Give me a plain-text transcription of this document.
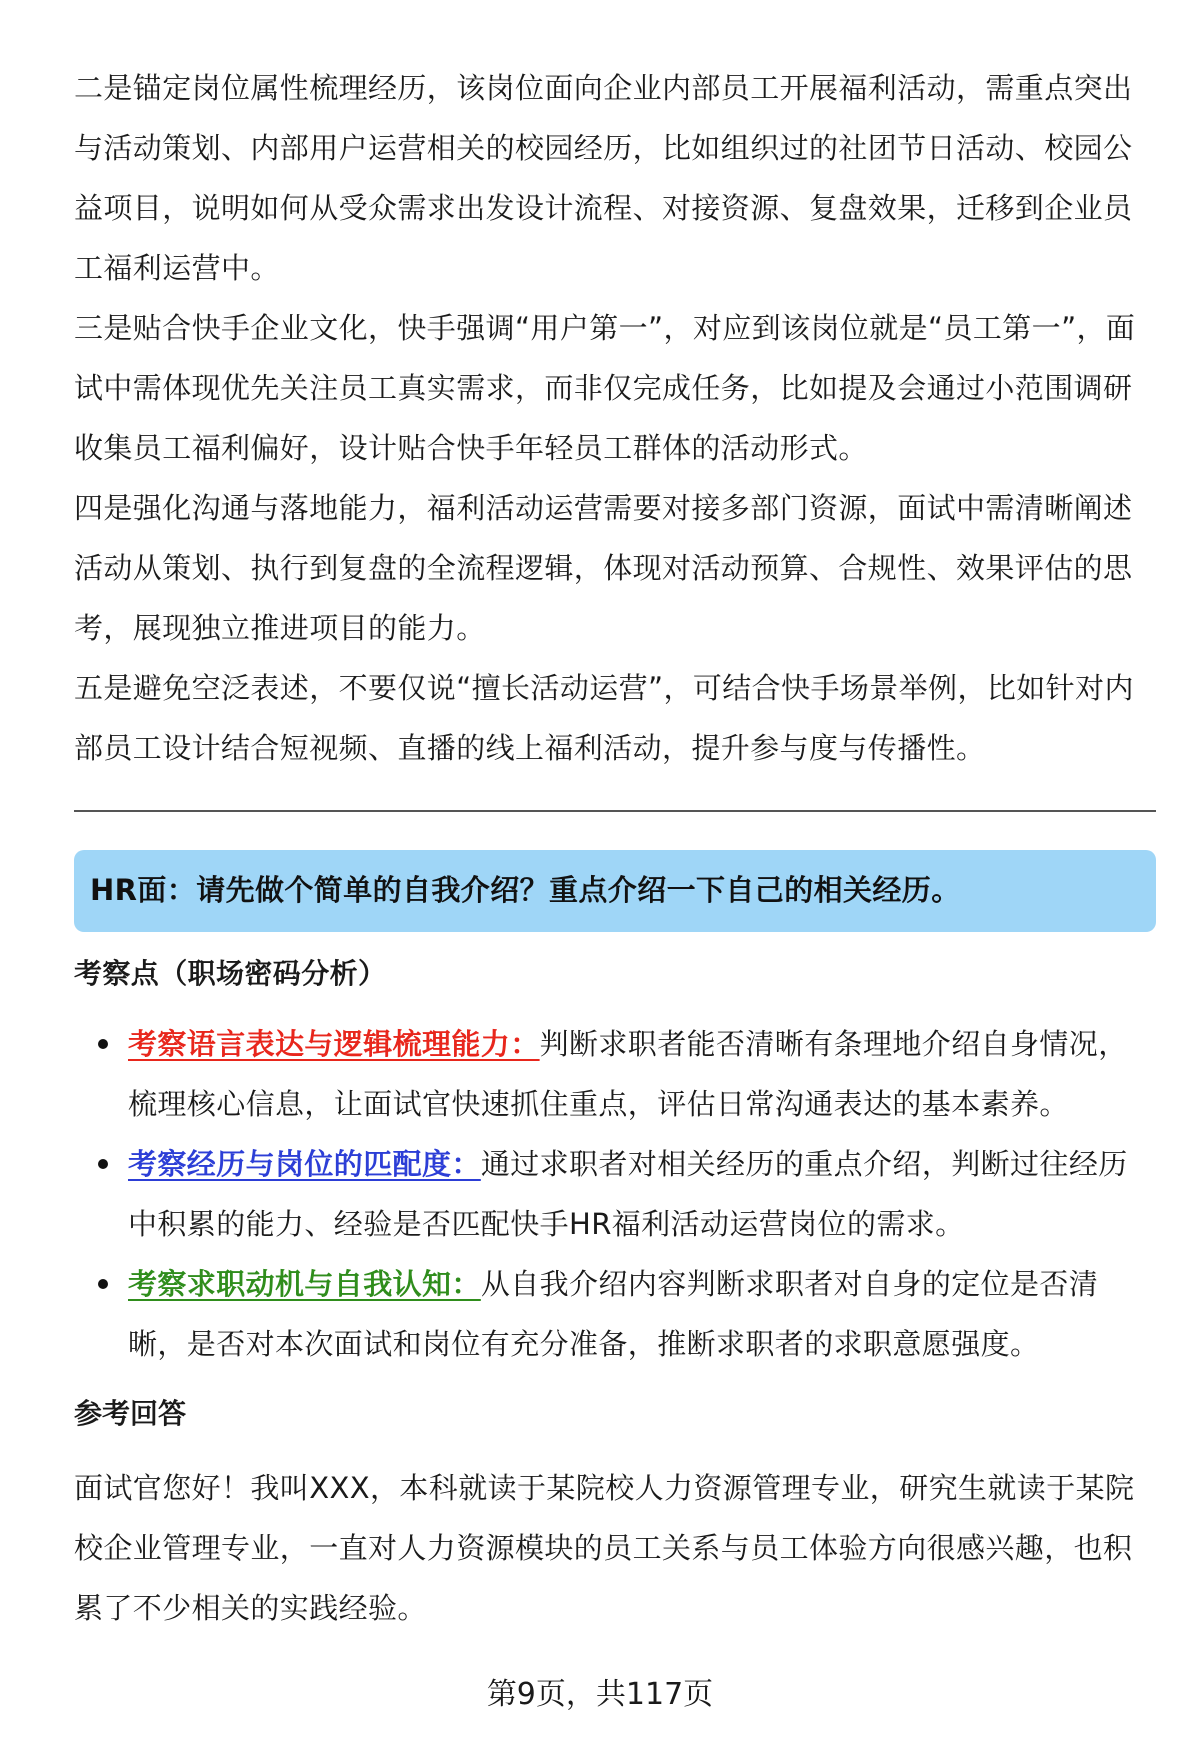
二是锚定岗位属性梳理经历，该岗位面向企业内部员工开展福利活动，需重点突出与活动策划、内部用户运营相关的校园经历，比如组织过的社团节日活动、校园公益项目，说明如何从受众需求出发设计流程、对接资源、复盘效果，迁移到企业员工福利运营中。

三是贴合快手企业文化，快手强调“用户第一”，对应到该岗位就是“员工第一”，面试中需体现优先关注员工真实需求，而非仅完成任务，比如提及会通过小范围调研收集员工福利偏好，设计贴合快手年轻员工群体的活动形式。

四是强化沟通与落地能力，福利活动运营需要对接多部门资源，面试中需清晰阐述活动从策划、执行到复盘的全流程逻辑，体现对活动预算、合规性、效果评估的思考，展现独立推进项目的能力。

五是避免空泛表述，不要仅说“擅长活动运营”，可结合快手场景举例，比如针对内部员工设计结合短视频、直播的线上福利活动，提升参与度与传播性。

HR面：请先做个简单的自我介绍？重点介绍一下自己的相关经历。
考察点（职场密码分析）
考察语言表达与逻辑梳理能力：判断求职者能否清晰有条理地介绍自身情况，梳理核心信息，让面试官快速抓住重点，评估日常沟通表达的基本素养。
考察经历与岗位的匹配度：通过求职者对相关经历的重点介绍，判断过往经历中积累的能力、经验是否匹配快手HR福利活动运营岗位的需求。
考察求职动机与自我认知：从自我介绍内容判断求职者对自身的定位是否清晰，是否对本次面试和岗位有充分准备，推断求职者的求职意愿强度。
参考回答

面试官您好！我叫XXX，本科就读于某院校人力资源管理专业，研究生就读于某院校企业管理专业，一直对人力资源模块的员工关系与员工体验方向很感兴趣，也积累了不少相关的实践经验。

第9页，共117页
